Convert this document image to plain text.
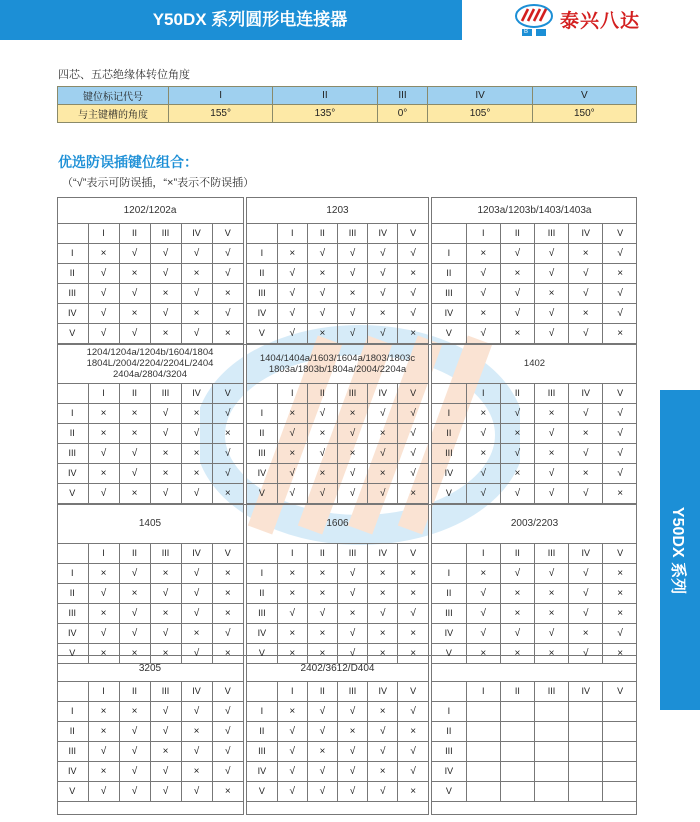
Y50DX 系列圆形电连接器
B D
泰兴八达
四芯、五芯绝缘体转位角度
键位标记代号	I	II	III	IV	V
与主键槽的角度	155°	135°	0°	105°	150°
优选防误插键位组合：
（“√”表示可防误插，“×”表示不防误插）
1202/1202a					
	I	II	III	IV	V
I	×	√	√	√	√
II	√	×	√	×	√
III	√	√	×	√	×
IV	√	×	√	×	√
V	√	√	×	√	×
1203					
	I	II	III	IV	V
I	×	√	√	√	√
II	√	×	√	√	×
III	√	√	×	√	√
IV	√	√	√	×	√
V	√	×	√	√	×
1203a/1203b/1403/1403a					
	I	II	III	IV	V
I	×	√	√	×	√
II	√	×	√	√	×
III	√	√	×	√	√
IV	×	√	√	×	√
V	√	×	√	√	×
1204/1204a/1204b/1604/1804 1804L/2004/2204/2204L/2404 2404a/2804/3204					
	I	II	III	IV	V
I	×	×	√	×	√
II	×	×	√	√	×
III	√	√	×	×	√
IV	×	√	×	×	√
V	√	×	√	√	×
1404/1404a/1603/1604a/1803/1803c 1803a/1803b/1804a/2004/2204a					
	I	II	III	IV	V
I	×	√	×	√	√
II	√	×	√	×	√
III	×	√	×	√	√
IV	√	×	√	×	√
V	√	√	√	√	×
1402					
	I	II	III	IV	V
I	×	√	×	√	√
II	√	×	√	×	√
III	×	√	×	√	√
IV	√	×	√	×	√
V	√	√	√	√	×
1405					
	I	II	III	IV	V
I	×	√	×	√	×
II	√	×	√	√	×
III	×	√	×	√	×
IV	√	√	√	×	√
V	×	×	×	√	×
1606					
	I	II	III	IV	V
I	×	×	√	×	×
II	×	×	√	×	×
III	√	√	×	√	√
IV	×	×	√	×	×
V	×	×	√	×	×
2003/2203					
	I	II	III	IV	V
I	×	√	√	√	×
II	√	×	×	√	×
III	√	×	×	√	×
IV	√	√	√	×	√
V	×	×	×	√	×
3205					
	I	II	III	IV	V
I	×	×	√	√	√
II	×	√	√	×	√
III	√	√	×	√	√
IV	×	√	√	×	√
V	√	√	√	√	×
2402/3612/D404					
	I	II	III	IV	V
I	×	√	√	×	√
II	√	√	×	√	×
III	√	×	√	√	√
IV	√	√	√	×	√
V	√	√	√	√	×

	I	II	III	IV	V
I					
II					
III					
IV					
V					
Y50DX 系列
